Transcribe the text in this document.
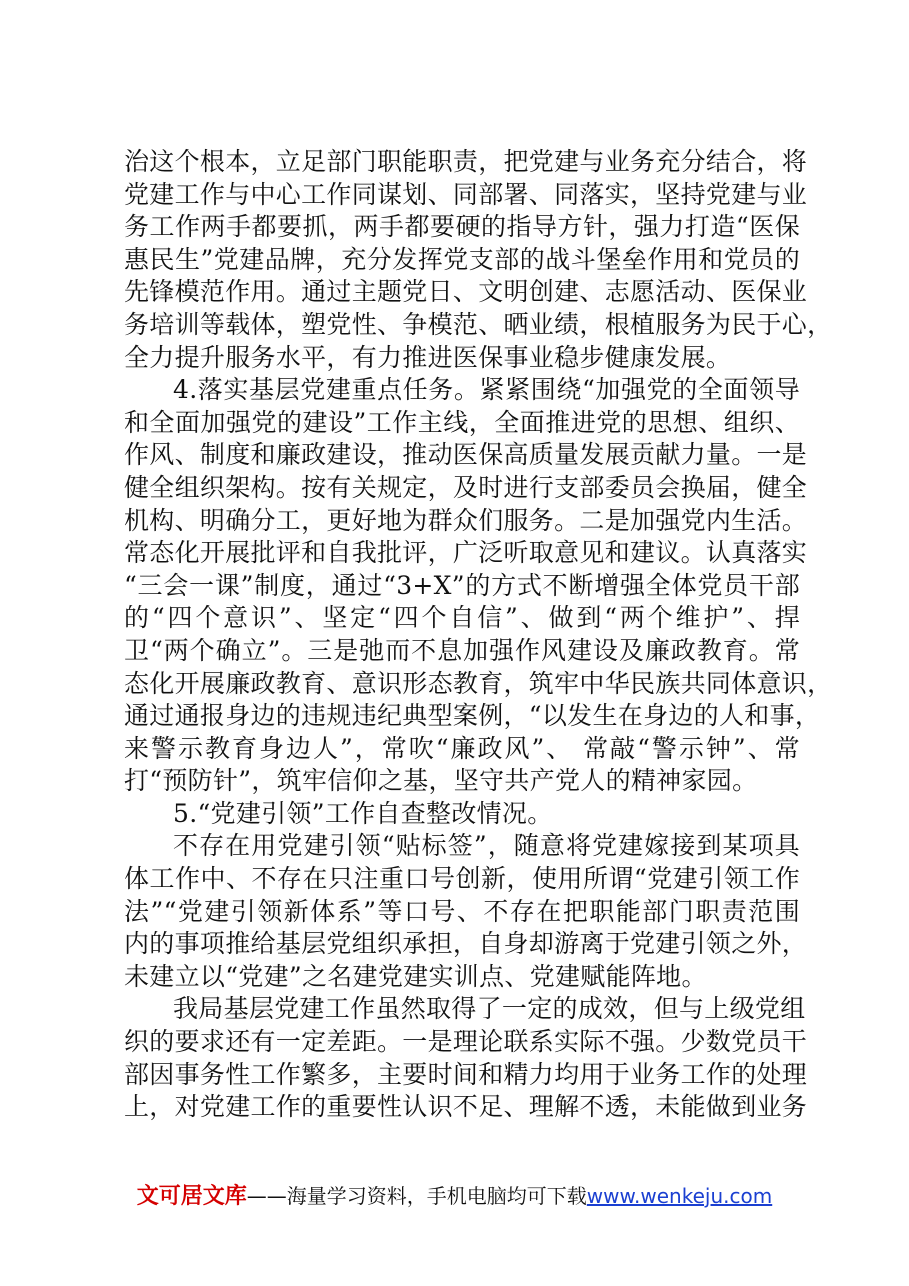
治这个根本，立足部门职能职责，把党建与业务充分结合，将
党建工作与中心工作同谋划、同部署、同落实，坚持党建与业
务工作两手都要抓，两手都要硬的指导方针，强力打造“医保
惠民生”党建品牌，充分发挥党支部的战斗堡垒作用和党员的
先锋模范作用。通过主题党日、文明创建、志愿活动、医保业
务培训等载体，塑党性、争模范、晒业绩，根植服务为民于心，
全力提升服务水平，有力推进医保事业稳步健康发展。
4.落实基层党建重点任务。紧紧围绕“加强党的全面领导
和全面加强党的建设”工作主线，全面推进党的思想、组织、
作风、制度和廉政建设，推动医保高质量发展贡献力量。一是
健全组织架构。按有关规定，及时进行支部委员会换届，健全
机构、明确分工，更好地为群众们服务。二是加强党内生活。
常态化开展批评和自我批评，广泛听取意见和建议。认真落实
“三会一课”制度，通过“3+X”的方式不断增强全体党员干部
的“四个意识”、坚定“四个自信”、做到“两个维护”、捍
卫“两个确立”。三是弛而不息加强作风建设及廉政教育。常
态化开展廉政教育、意识形态教育，筑牢中华民族共同体意识，
通过通报身边的违规违纪典型案例，“以发生在身边的人和事，
来警示教育身边人”，常吹“廉政风”、 常敲“警示钟”、常
打“预防针”，筑牢信仰之基，坚守共产党人的精神家园。
5.“党建引领”工作自查整改情况。
不存在用党建引领“贴标签”，随意将党建嫁接到某项具
体工作中、不存在只注重口号创新，使用所谓“党建引领工作
法”“党建引领新体系”等口号、不存在把职能部门职责范围
内的事项推给基层党组织承担，自身却游离于党建引领之外，
未建立以“党建”之名建党建实训点、党建赋能阵地。
我局基层党建工作虽然取得了一定的成效，但与上级党组
织的要求还有一定差距。一是理论联系实际不强。少数党员干
部因事务性工作繁多，主要时间和精力均用于业务工作的处理
上，对党建工作的重要性认识不足、理解不透，未能做到业务
文可居文库——海量学习资料，手机电脑均可下载www.wenkeju.com
